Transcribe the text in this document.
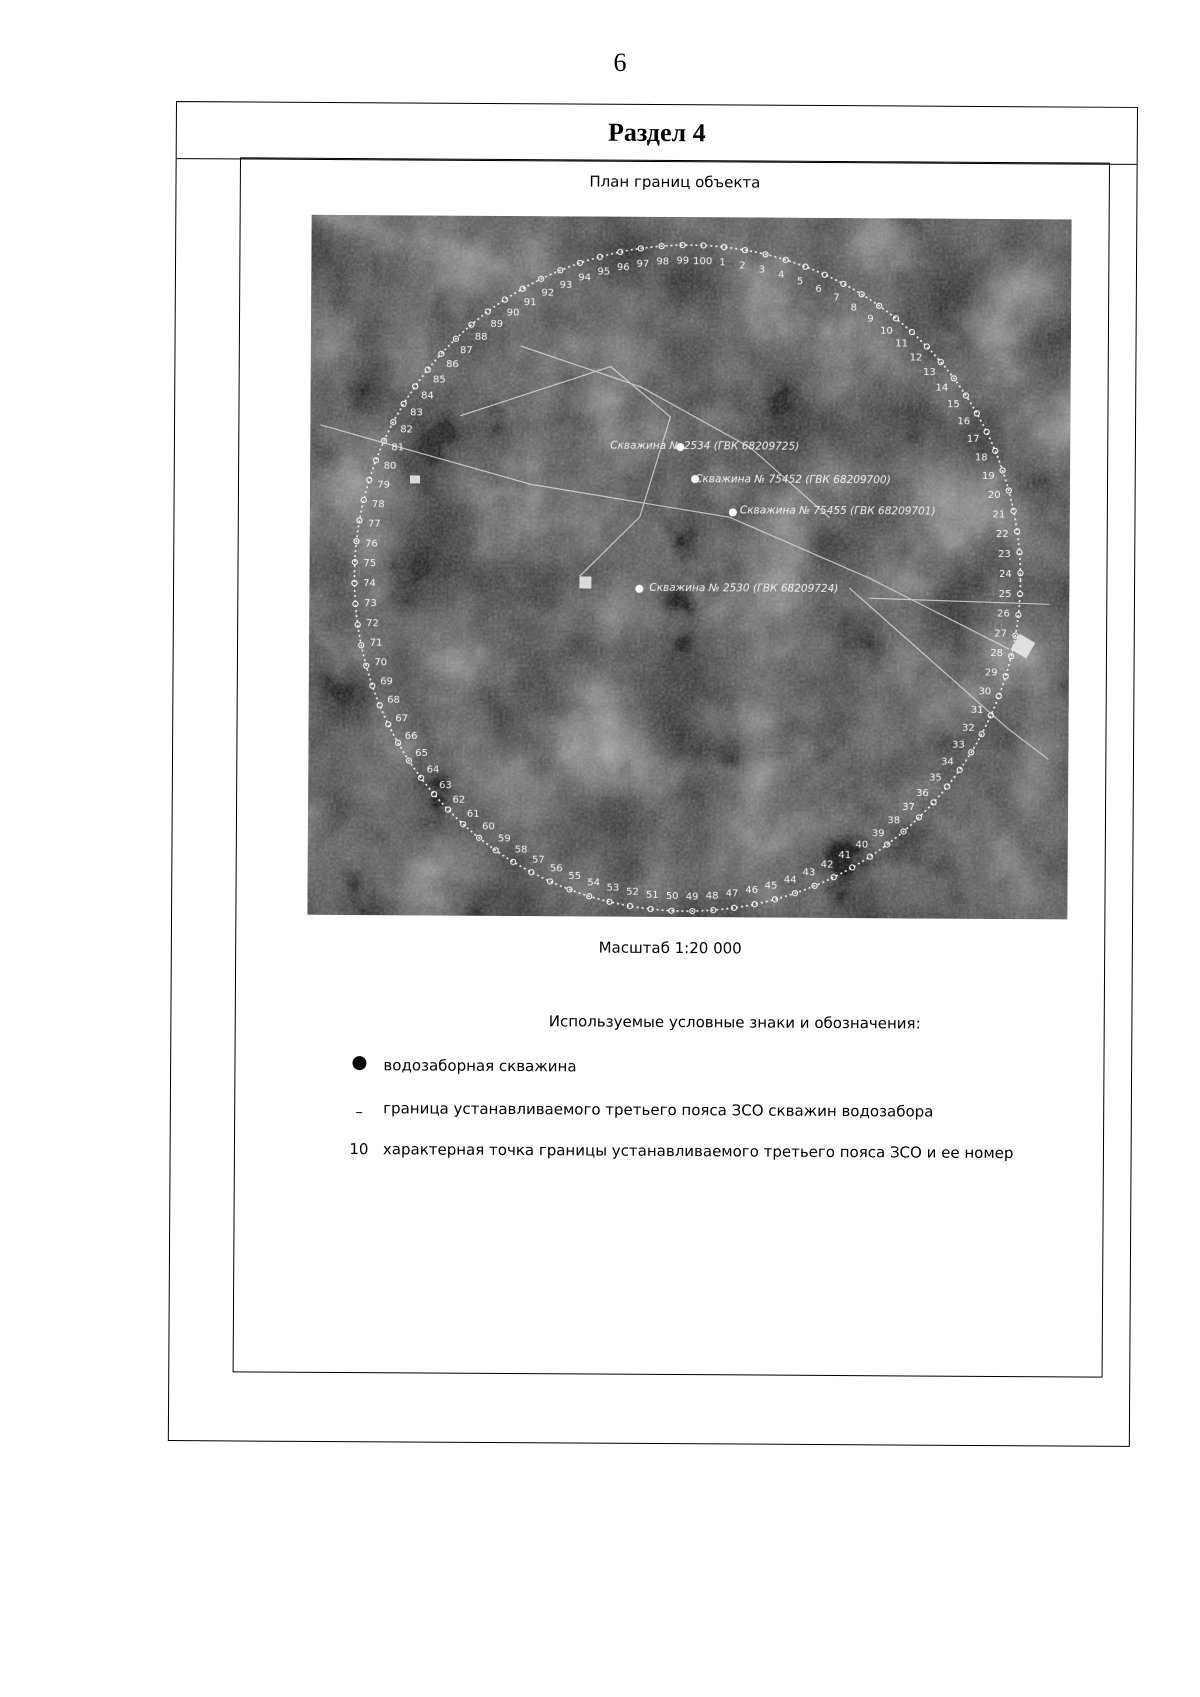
6
Раздел 4
План границ объекта
1 2 3 4
5
6
7
8
9
10
11
12
13
14
15
16
17
18
19
20
21
22
23
24
25
26
27
28
29
30
31
32
33
34
35
36
37
38
39
40
41
42
43
44
45
46
47
48
49
50
51
52
53
54
55
56
57
58
59
60
61
62
63
64
65
66
67
68
69
70
71
72
73
74
75
76
77
78
79
80
81
82
83
84
85
86
87
88
89
90
91
92
93
94
95 96 97 98 99 100
Скважина № 2534 (ГВК 68209725)
Скважина № 75452 (ГВК 68209700)
Скважина № 75455 (ГВК 68209701)
Скважина № 2530 (ГВК 68209724)
Масштаб 1:20 000
Используемые условные знаки и обозначения:
водозаборная скважина
граница устанавливаемого третьего пояса ЗСО скважин водозабора
10 характерная точка границы устанавливаемого третьего пояса ЗСО и ее номер
